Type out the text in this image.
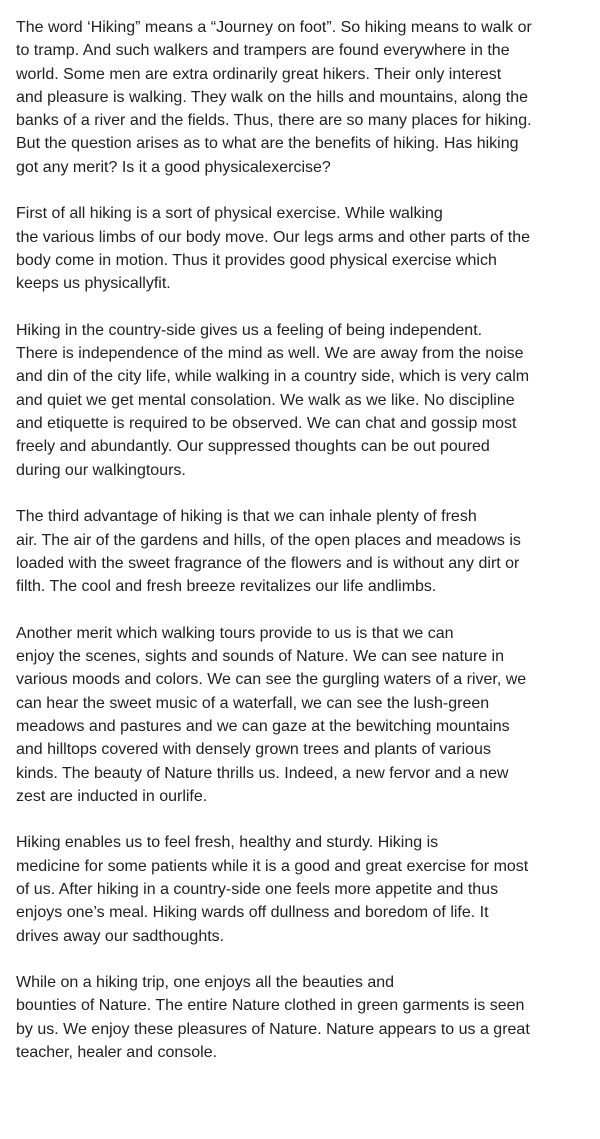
The word ‘Hiking” means a “Journey on foot”. So hiking means to walk or
to tramp. And such walkers and trampers are found everywhere in the
world. Some men are extra ordinarily great hikers. Their only interest
and pleasure is walking. They walk on the hills and mountains, along the
banks of a river and the fields. Thus, there are so many places for hiking.
But the question arises as to what are the benefits of hiking. Has hiking
got any merit? Is it a good physicalexercise?

First of all hiking is a sort of physical exercise. While walking
the various limbs of our body move. Our legs arms and other parts of the
body come in motion. Thus it provides good physical exercise which
keeps us physicallyfit.

Hiking in the country-side gives us a feeling of being independent.
There is independence of the mind as well. We are away from the noise
and din of the city life, while walking in a country side, which is very calm
and quiet we get mental consolation. We walk as we like. No discipline
and etiquette is required to be observed. We can chat and gossip most
freely and abundantly. Our suppressed thoughts can be out poured
during our walkingtours.

The third advantage of hiking is that we can inhale plenty of fresh
air. The air of the gardens and hills, of the open places and meadows is
loaded with the sweet fragrance of the flowers and is without any dirt or
filth. The cool and fresh breeze revitalizes our life andlimbs.

Another merit which walking tours provide to us is that we can
enjoy the scenes, sights and sounds of Nature. We can see nature in
various moods and colors. We can see the gurgling waters of a river, we
can hear the sweet music of a waterfall, we can see the lush-green
meadows and pastures and we can gaze at the bewitching mountains
and hilltops covered with densely grown trees and plants of various
kinds. The beauty of Nature thrills us. Indeed, a new fervor and a new
zest are inducted in ourlife.

Hiking enables us to feel fresh, healthy and sturdy. Hiking is
medicine for some patients while it is a good and great exercise for most
of us. After hiking in a country-side one feels more appetite and thus
enjoys one’s meal. Hiking wards off dullness and boredom of life. It
drives away our sadthoughts.

While on a hiking trip, one enjoys all the beauties and
bounties of Nature. The entire Nature clothed in green garments is seen
by us. We enjoy these pleasures of Nature. Nature appears to us a great
teacher, healer and console.
